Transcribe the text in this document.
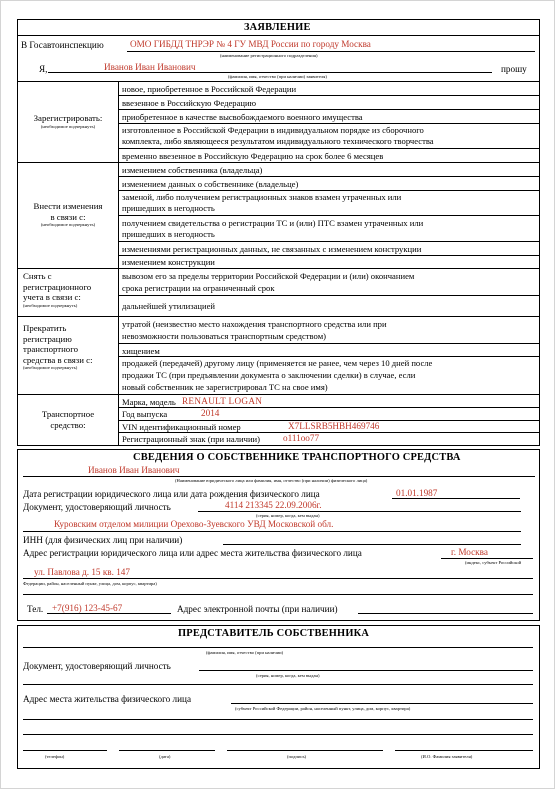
ЗАЯВЛЕНИЕ
В Госавтоинспекцию	ОМО ГИБДД ТНРЭР № 4 ГУ МВД России по городу Москва
(наименование регистрационного подразделения)
Я,	Иванов Иван Иванович	прошу
(фамилия, имя, отчество (при наличии) заявителя)
Зарегистрировать:
(необходимое подчеркнуть)
новое, приобретенное в Российской Федерации
ввезенное в Российскую Федерацию
приобретенное в качестве высвобождаемого военного имущества
изготовленное в Российской Федерации в индивидуальном порядке из сборочного
комплекта, либо являющееся результатом индивидуального технического творчества
временно ввезенное в Российскую Федерацию на срок более 6 месяцев
Внести изменения
в связи с:
(необходимое подчеркнуть)
изменением собственника (владельца)
изменением данных о собственнике (владельце)
заменой, либо получением регистрационных знаков взамен утраченных или
пришедших в негодность
получением свидетельства о регистрации ТС и (или) ПТС взамен утраченных или
пришедших в негодность
изменениями регистрационных данных, не связанных с изменением конструкции
изменением конструкции
Снять с
регистрационного
учета в связи с:
(необходимое подчеркнуть)
вывозом его за пределы территории Российской Федерации и (или) окончанием
срока регистрации на ограниченный срок
дальнейшей утилизацией
Прекратить
регистрацию
транспортного
средства в связи с:
(необходимое подчеркнуть)
утратой (неизвестно место нахождения транспортного средства или при
невозможности пользоваться транспортным средством)
хищением
продажей (передачей) другому лицу (применяется не ранее, чем через 10 дней после
продажи ТС (при предъявлении документа о заключении сделки) в случае, если
новый собственник не зарегистрировал ТС на свое имя)
Транспортное
средство:
Марка, модель RENAULT LOGAN
Год выпуска	2014
VIN идентификационный номер	X7LLSRB5HBH469746
Регистрационный знак (при наличии)	о111оо77
СВЕДЕНИЯ О СОБСТВЕННИКЕ ТРАНСПОРТНОГО СРЕДСТВА
Иванов Иван Иванович
(Наименование юридического лица или фамилия, имя, отчество (при наличии) физического лица)
Дата регистрации юридического лица или дата рождения физического лица	01.01.1987
Документ, удостоверяющий личность	4114 213345 22.09.2006г.
(серия, номер, когда, кем выдан)
Куровским отделом милиции Орехово-Зуевского УВД Московской обл.
ИНН (для физических лиц при наличии)
Адрес регистрации юридического лица или адрес места жительства физического лица	г. Москва
(индекс, субъект Российской
ул. Павлова д. 15 кв. 147
Федерации, район, населенный пункт, улица, дом, корпус, квартира)
Тел. +7(916) 123-45-67	Адрес электронной почты (при наличии)
ПРЕДСТАВИТЕЛЬ СОБСТВЕННИКА
(фамилия, имя, отчество (при наличии)
Документ, удостоверяющий личность
(серия, номер, когда, кем выдан)
Адрес места жительства физического лица
(субъект Российской Федерации, район, населенный пункт, улица, дом, корпус, квартира)
(телефон)	(дата)	(подпись)	(И.О. Фамилия заявителя)
